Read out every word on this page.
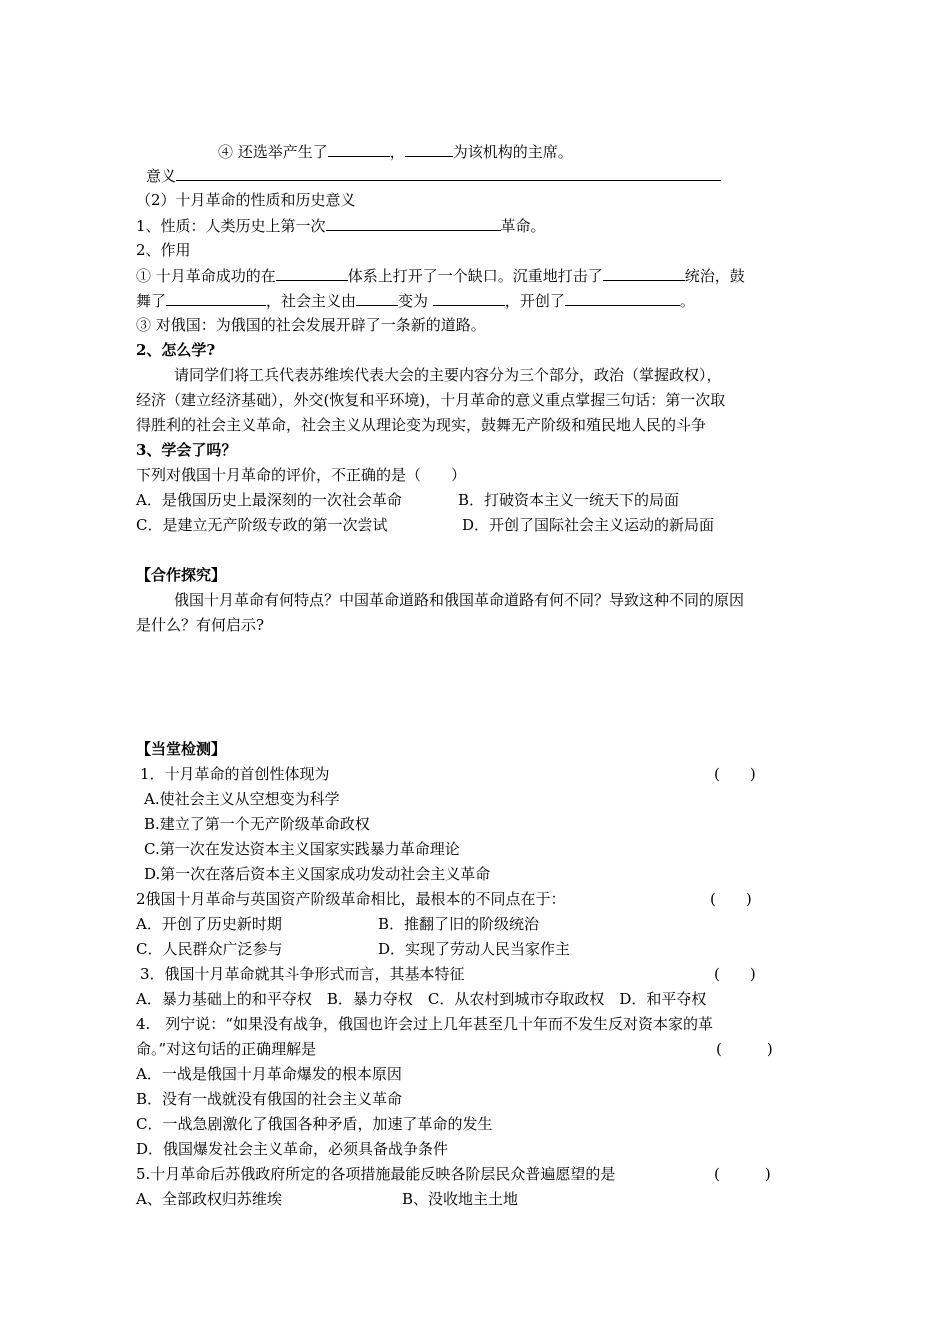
④ 还选举产生了	，	为该机构的主席。
意义
（2）十月革命的性质和历史意义
1、性质：人类历史上第一次	革命。
2、作用
① 十月革命成功的在	体系上打开了一个缺口。沉重地打击了	统治，鼓
舞了	，社会主义由	变为	，开创了	。
③ 对俄国：为俄国的社会发展开辟了一条新的道路。
2、怎么学?
请同学们将工兵代表苏维埃代表大会的主要内容分为三个部分，政治（掌握政权），
经济（建立经济基础），外交(恢复和平环境)，十月革命的意义重点掌握三句话：第一次取
得胜利的社会主义革命，社会主义从理论变为现实，鼓舞无产阶级和殖民地人民的斗争
3、学会了吗？
下列对俄国十月革命的评价，不正确的是（　　）
A．是俄国历史上最深刻的一次社会革命	B．打破资本主义一统天下的局面
C．是建立无产阶级专政的第一次尝试	D．开创了国际社会主义运动的新局面
【合作探究】
俄国十月革命有何特点？中国革命道路和俄国革命道路有何不同？导致这种不同的原因
是什么？有何启示?
【当堂检测】
1．十月革命的首创性体现为	(　　)
A.使社会主义从空想变为科学
B.建立了第一个无产阶级革命政权
C.第一次在发达资本主义国家实践暴力革命理论
D.第一次在落后资本主义国家成功发动社会主义革命
2俄国十月革命与英国资产阶级革命相比，最根本的不同点在于：	(　　)
A．开创了历史新时期	B．推翻了旧的阶级统治
C．人民群众广泛参与	D．实现了劳动人民当家作主
3．俄国十月革命就其斗争形式而言，其基本特征	(　　)
A．暴力基础上的和平夺权　B．暴力夺权　C．从农村到城市夺取政权　D．和平夺权
4.　列宁说：“如果没有战争，俄国也许会过上几年甚至几十年而不发生反对资本家的革
命。”对这句话的正确理解是	(　　　)
A．一战是俄国十月革命爆发的根本原因
B．没有一战就没有俄国的社会主义革命
C．一战急剧激化了俄国各种矛盾，加速了革命的发生
D．俄国爆发社会主义革命，必须具备战争条件
5.十月革命后苏俄政府所定的各项措施最能反映各阶层民众普遍愿望的是	(　　　)
A、全部政权归苏维埃	B、没收地主土地
